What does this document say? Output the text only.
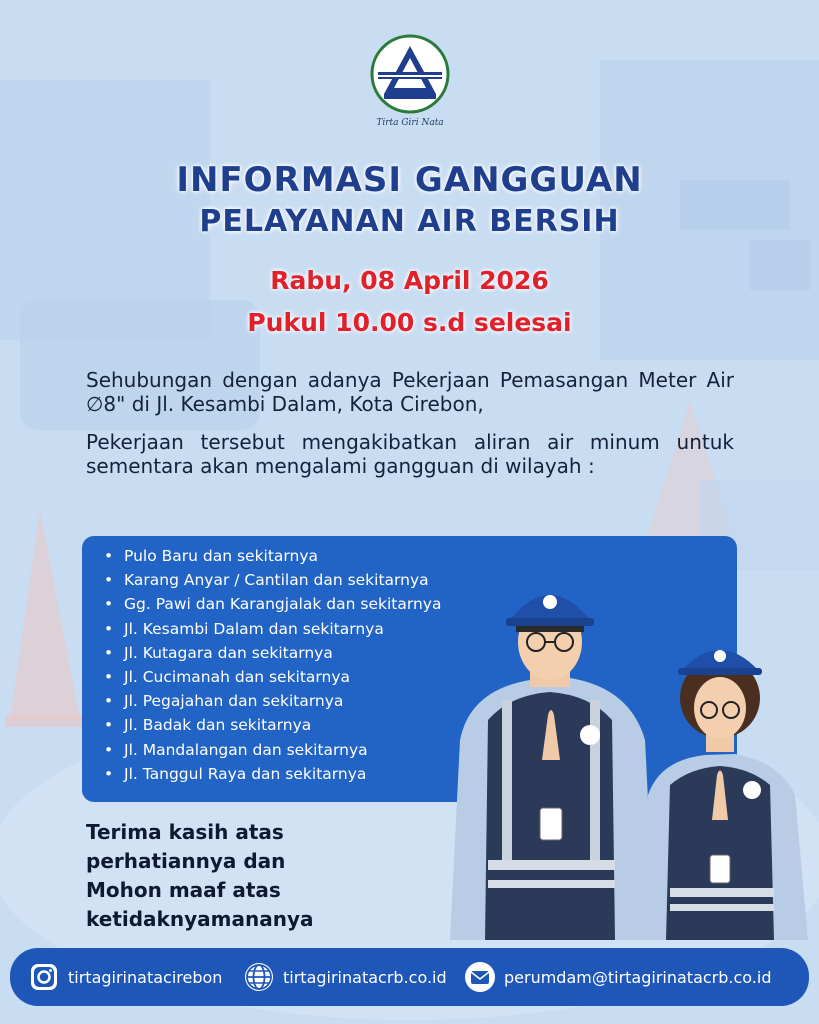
Tirta Giri Nata
INFORMASI GANGGUAN
PELAYANAN AIR BERSIH
Rabu, 08 April 2026
Pukul 10.00 s.d selesai
Sehubungan dengan adanya Pekerjaan Pemasangan Meter Air ∅8" di Jl. Kesambi Dalam, Kota Cirebon,
Pekerjaan tersebut mengakibatkan aliran air minum untuk sementara akan mengalami gangguan di wilayah :
• Pulo Baru dan sekitarnya
• Karang Anyar / Cantilan dan sekitarnya
• Gg. Pawi dan Karangjalak dan sekitarnya
• Jl. Kesambi Dalam dan sekitarnya
• Jl. Kutagara dan sekitarnya
• Jl. Cucimanah dan sekitarnya
• Jl. Pegajahan dan sekitarnya
• Jl. Badak dan sekitarnya
• Jl. Mandalangan dan sekitarnya
• Jl. Tanggul Raya dan sekitarnya
Terima kasih atas
perhatiannya dan
Mohon maaf atas
ketidaknyamananya
tirtagirinatacirebon	tirtagirinatacrb.co.id	perumdam@tirtagirinatacrb.co.id
